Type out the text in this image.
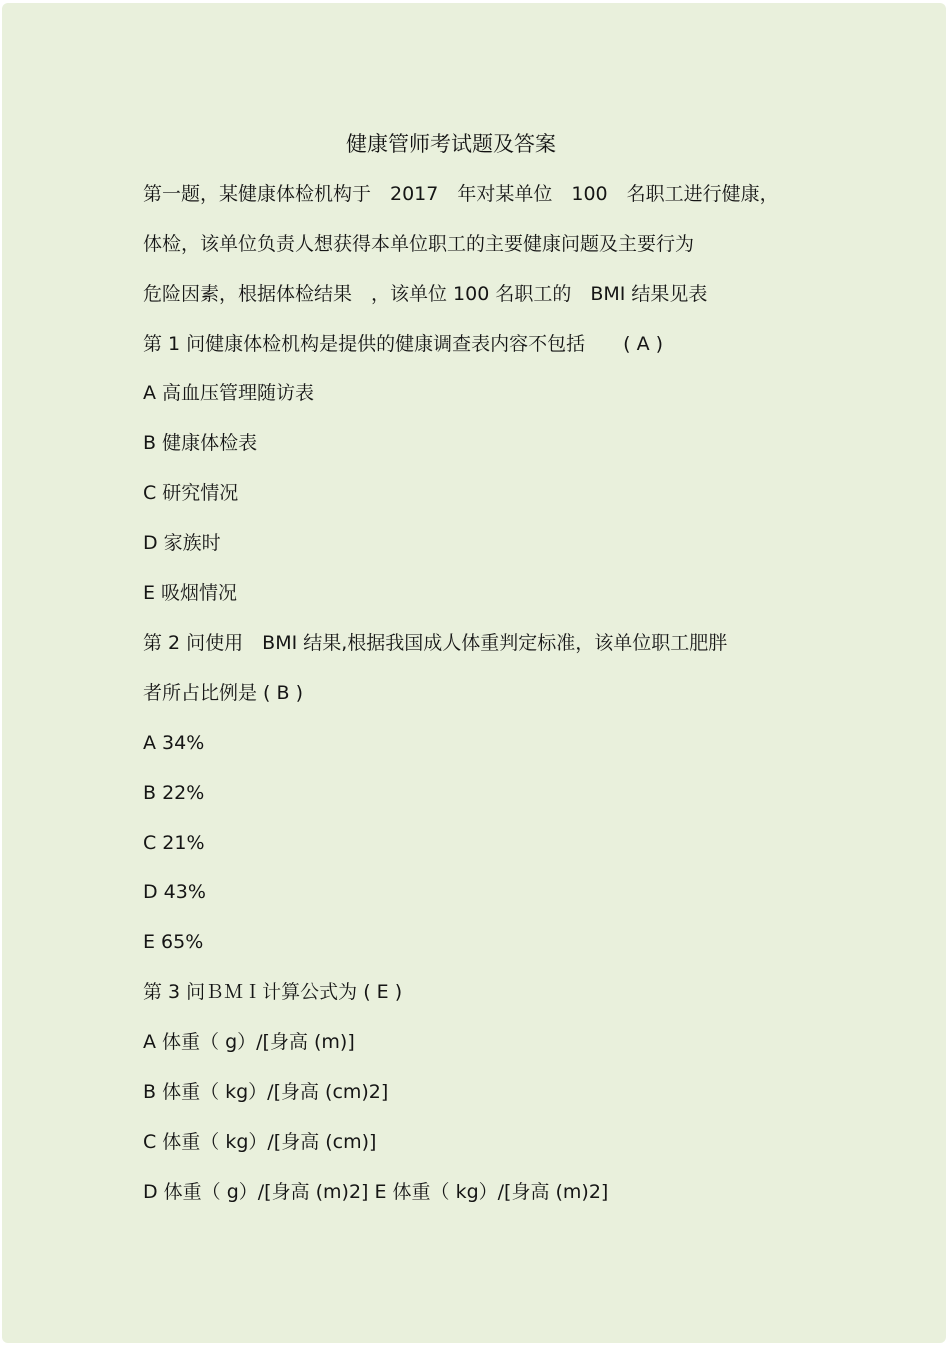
健康管师考试题及答案
第一题，某健康体检机构于　2017　年对某单位　100　名职工进行健康，
体检，该单位负责人想获得本单位职工的主要健康问题及主要行为
危险因素，根据体检结果　，该单位 100 名职工的　BMI 结果见表
第 1 问健康体检机构是提供的健康调查表内容不包括　　( A )
A 高血压管理随访表
B 健康体检表
C 研究情况
D 家族时
E 吸烟情况
第 2 问使用　BMI 结果,根据我国成人体重判定标准，该单位职工肥胖
者所占比例是 ( B )
A 34%
B 22%
C 21%
D 43%
E 65%
第 3 问ＢＭＩ计算公式为 ( E )
A 体重（ g）/[身高 (m)]
B 体重（ kg）/[身高 (cm)2]
C 体重（ kg）/[身高 (cm)]
D 体重（ g）/[身高 (m)2] E 体重（ kg）/[身高 (m)2]
